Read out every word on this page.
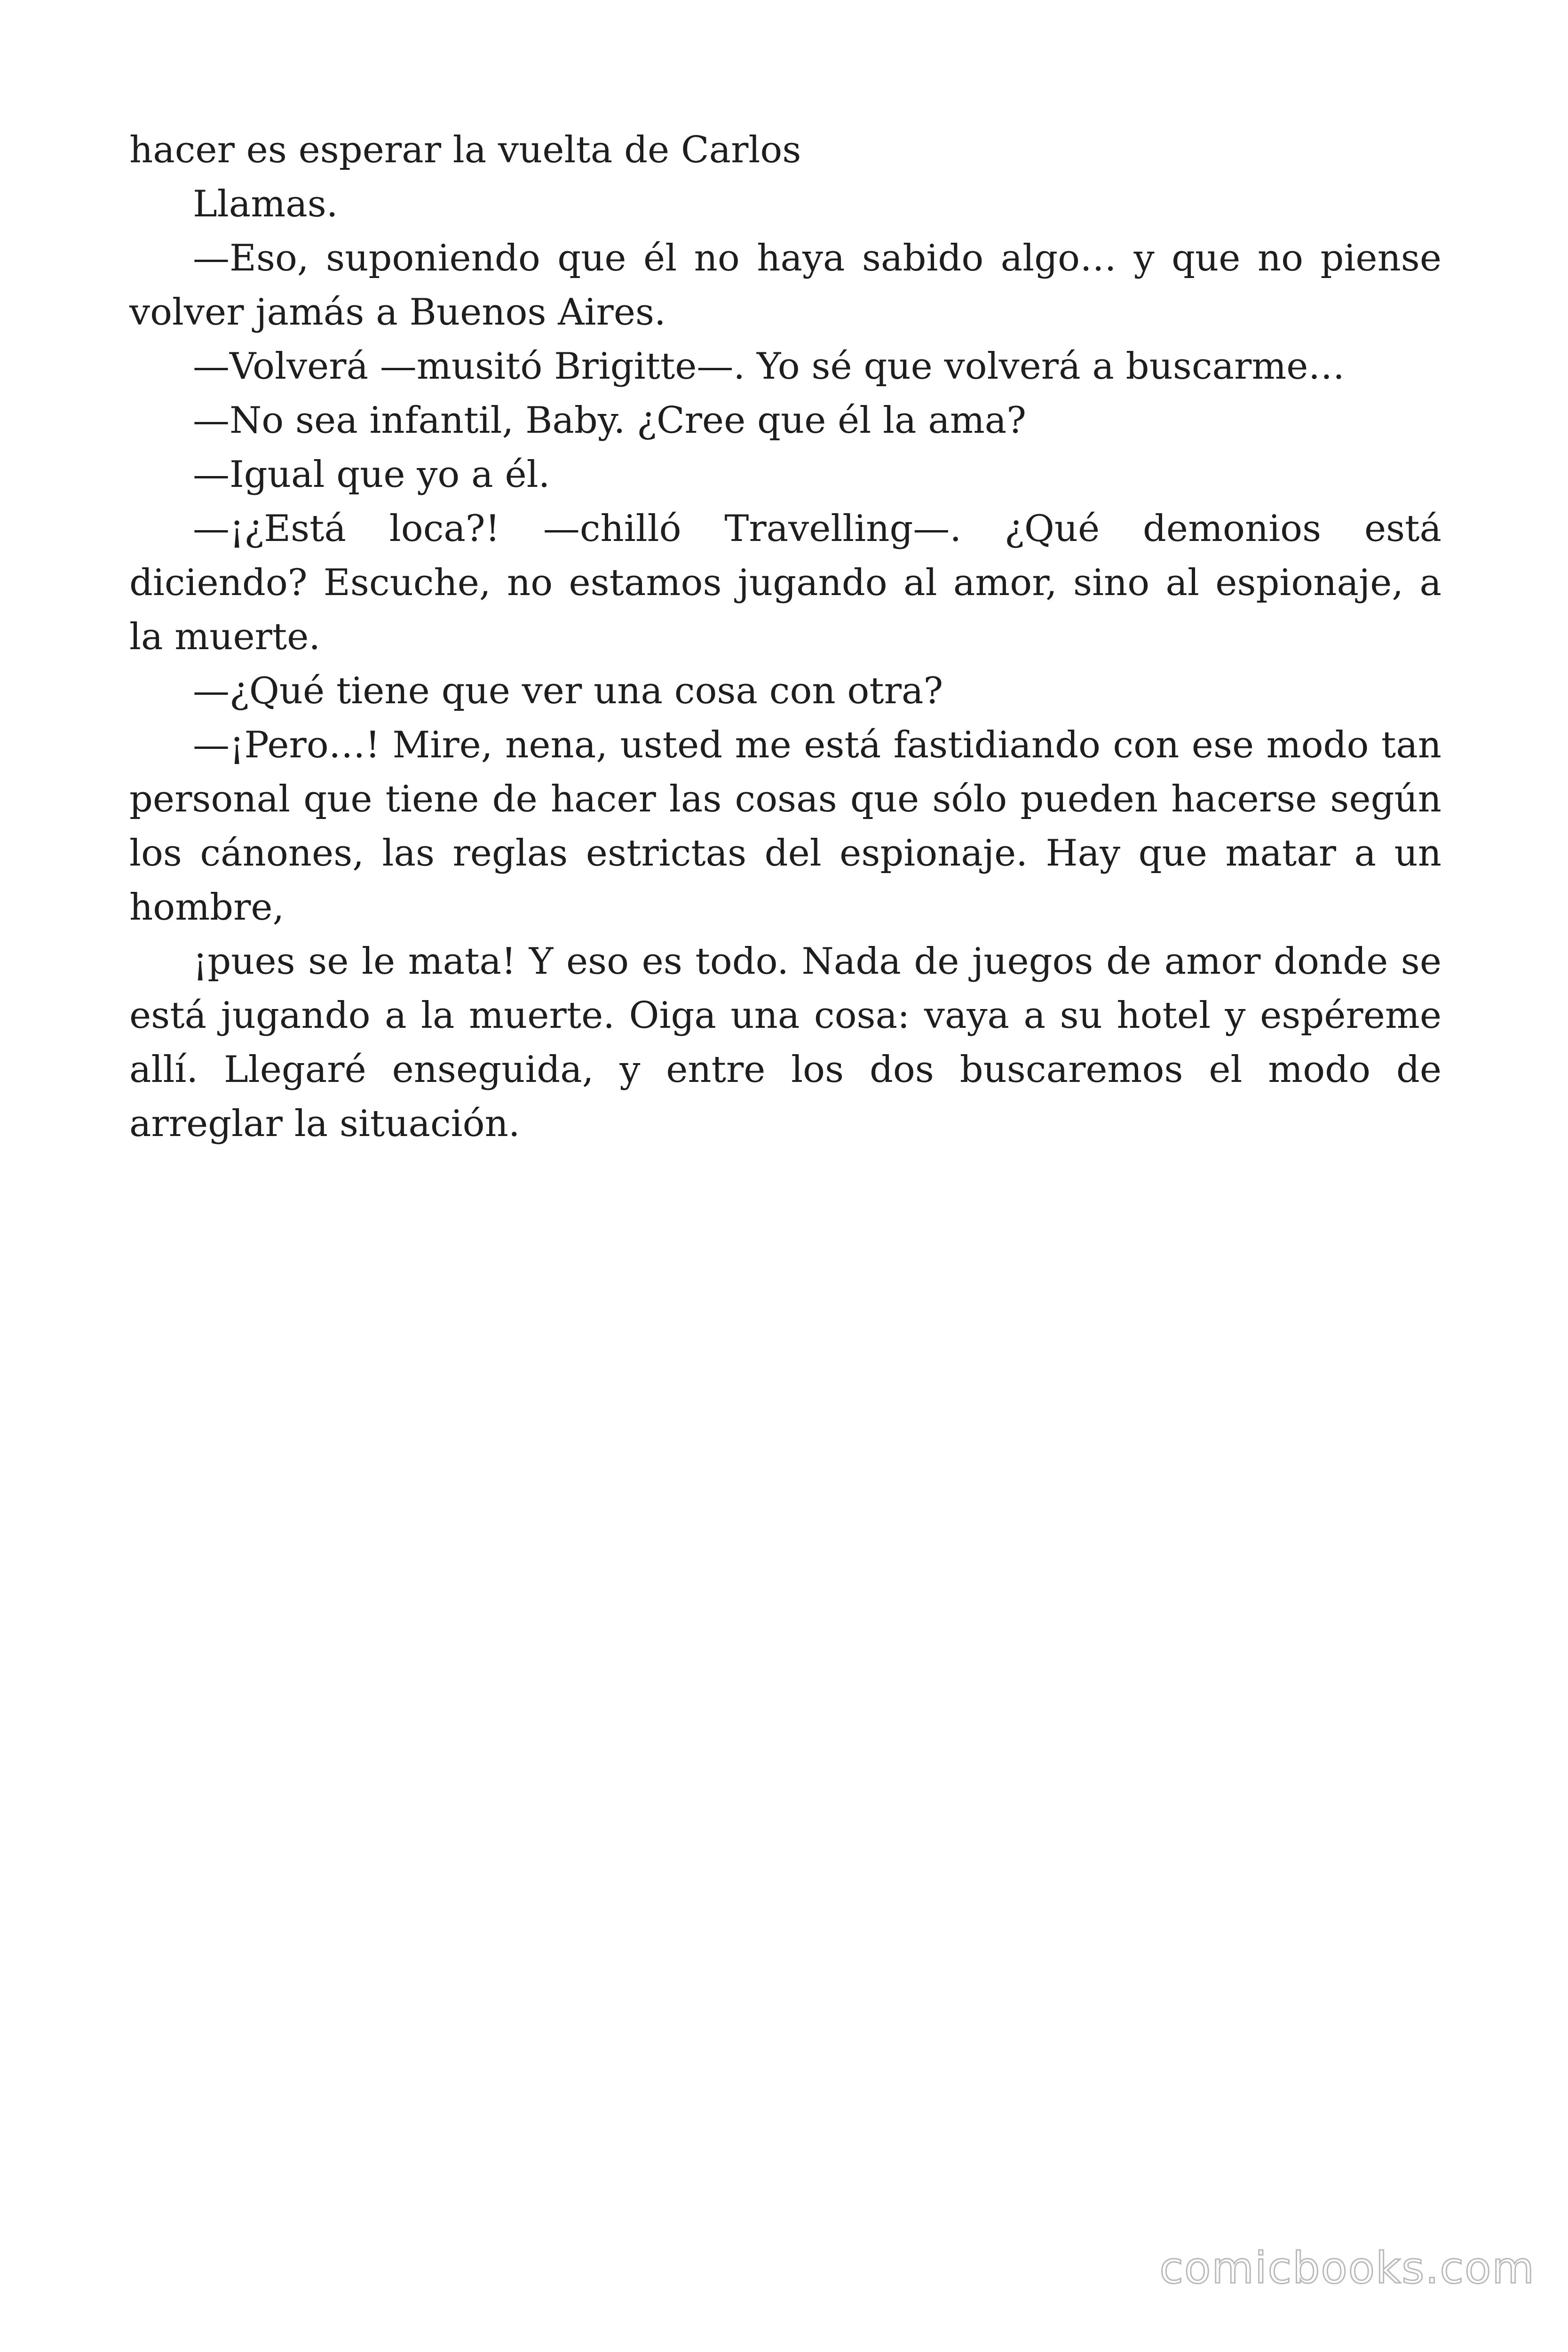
hacer es esperar la vuelta de Carlos

Llamas.

—Eso, suponiendo que él no haya sabido algo… y que no piense volver jamás a Buenos Aires.

—Volverá —musitó Brigitte—. Yo sé que volverá a buscarme…

—No sea infantil, Baby. ¿Cree que él la ama?

—Igual que yo a él.

—¡¿Está loca?! —chilló Travelling—. ¿Qué demonios está diciendo? Escuche, no estamos jugando al amor, sino al espionaje, a la muerte.

—¿Qué tiene que ver una cosa con otra?

—¡Pero…! Mire, nena, usted me está fastidiando con ese modo tan personal que tiene de hacer las cosas que sólo pueden hacerse según los cánones, las reglas estrictas del espionaje. Hay que matar a un hombre,

¡pues se le mata! Y eso es todo. Nada de juegos de amor donde se está jugando a la muerte. Oiga una cosa: vaya a su hotel y espéreme allí. Llegaré enseguida, y entre los dos buscaremos el modo de arreglar la situación.

comicbooks.com
